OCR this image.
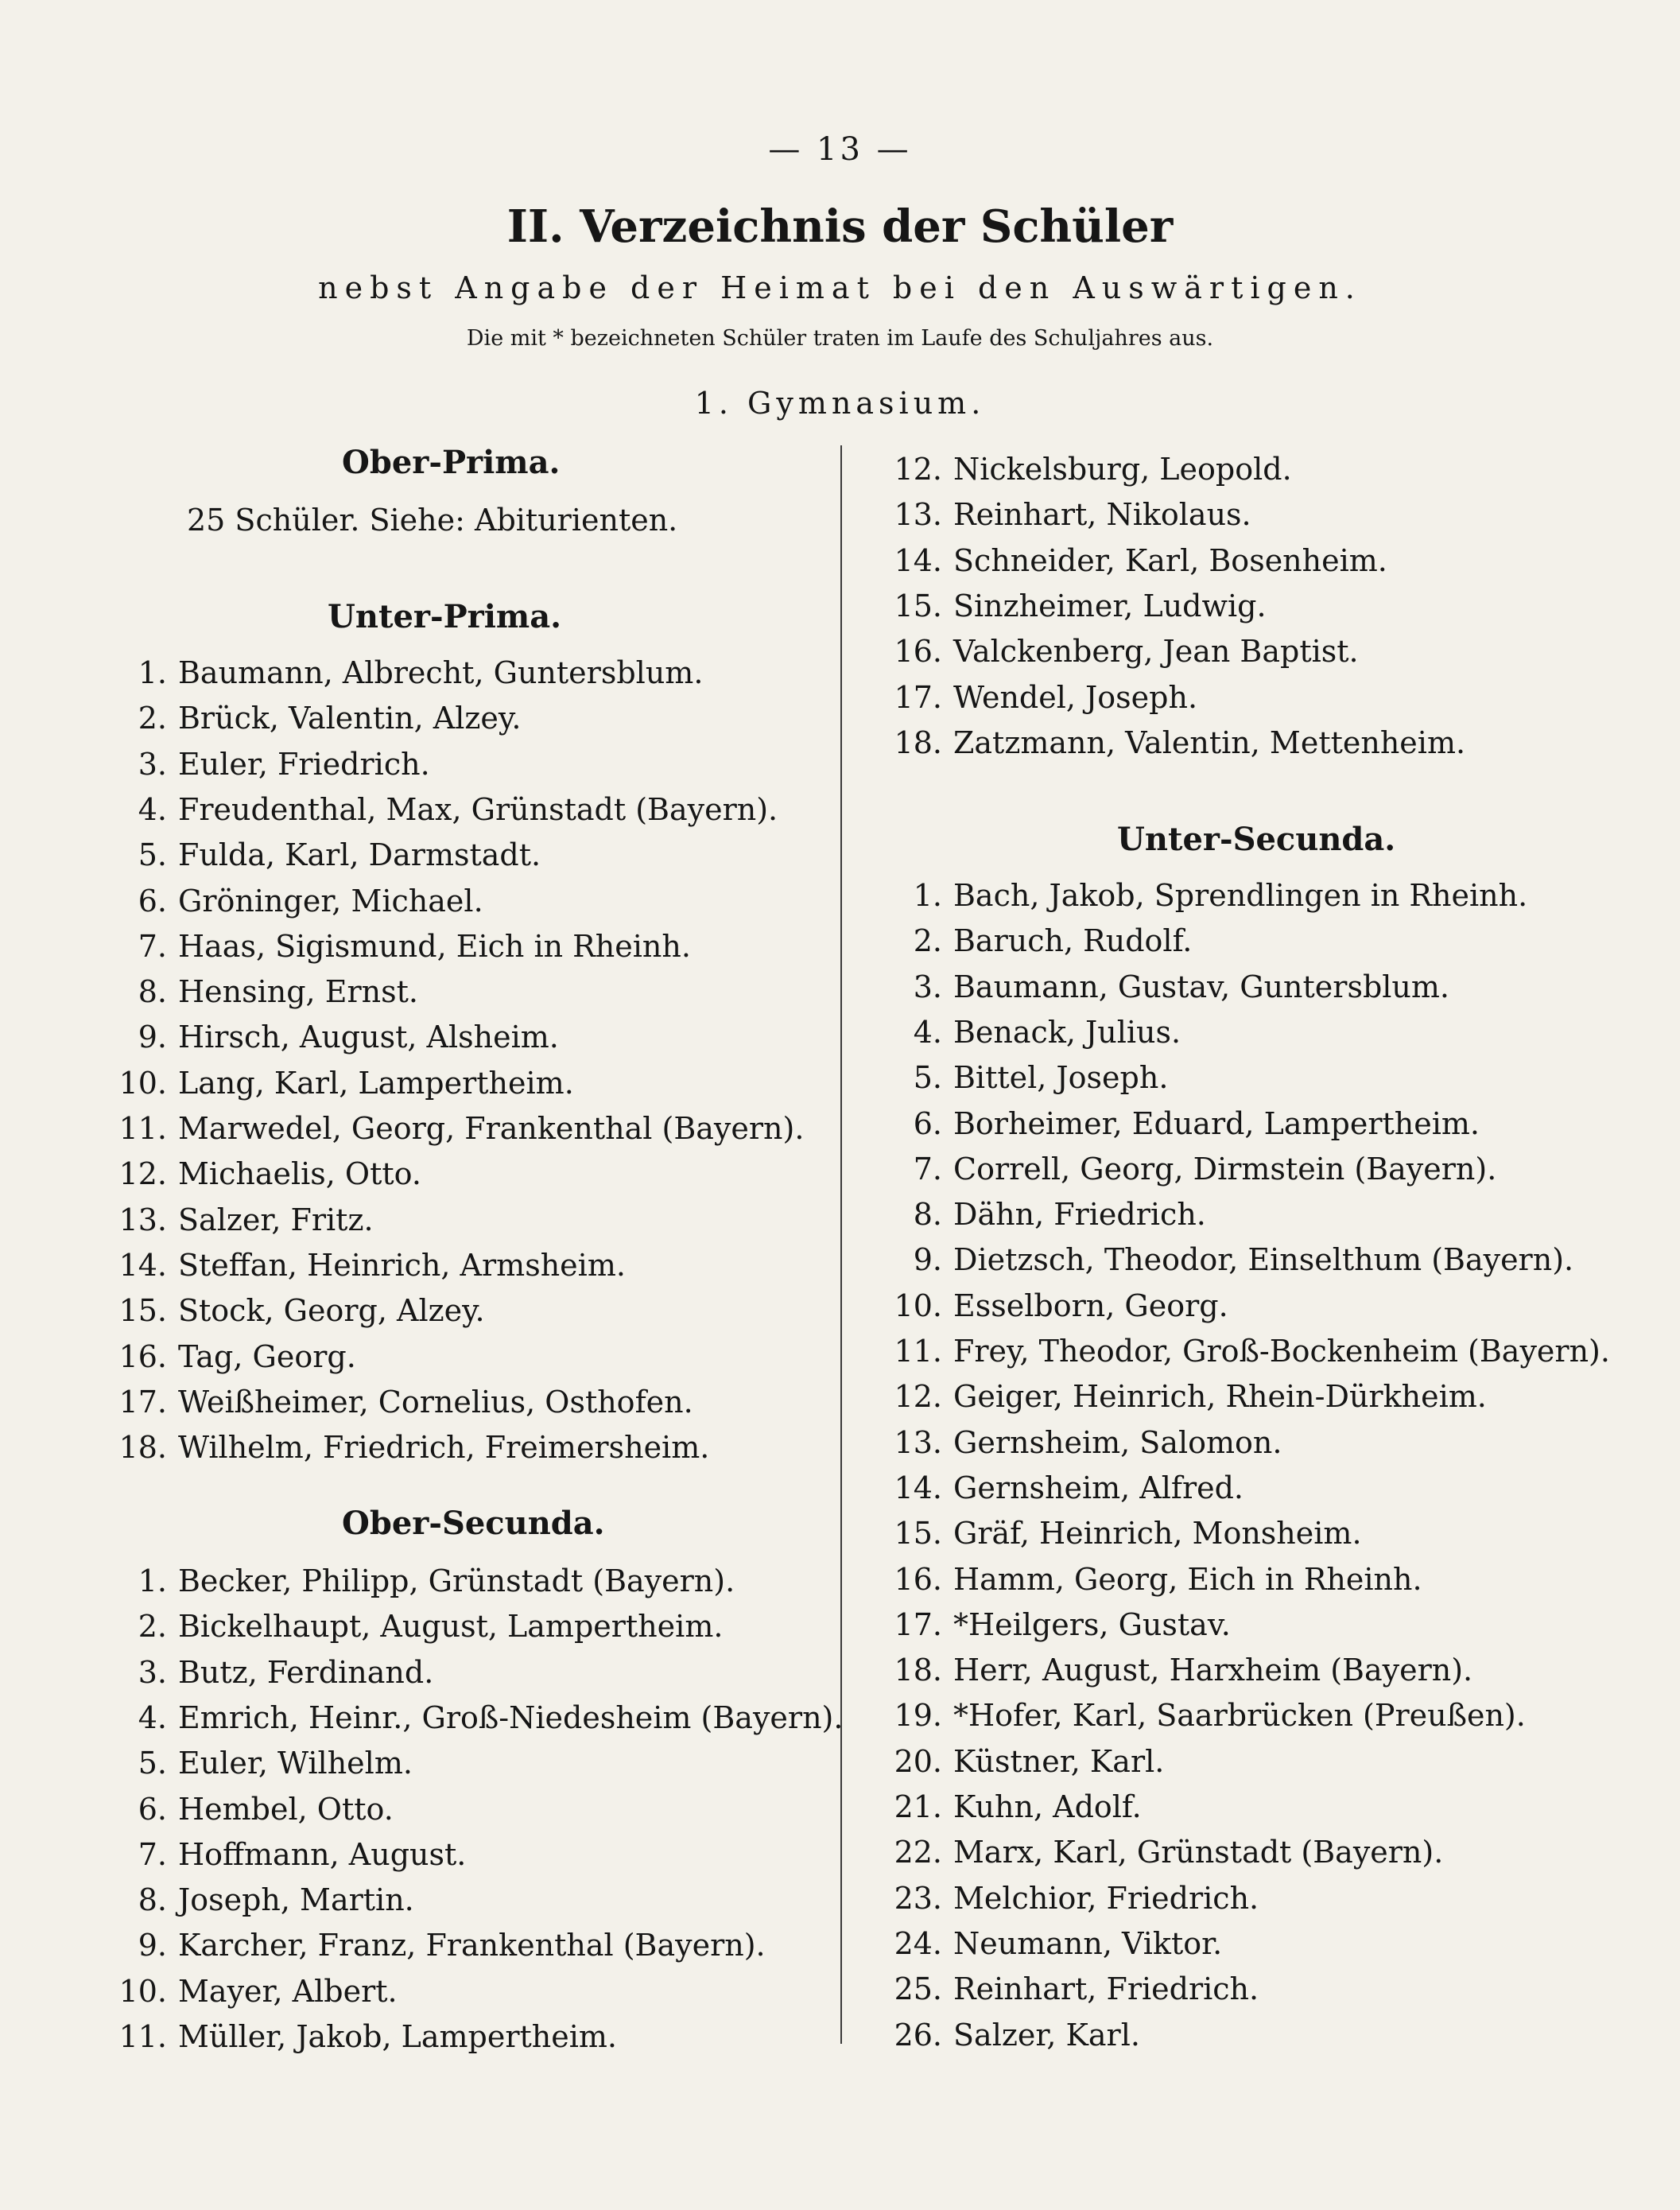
— 13 —
II. Verzeichnis der Schüler
nebst Angabe der Heimat bei den Auswärtigen.
Die mit * bezeichneten Schüler traten im Laufe des Schuljahres aus.
1. Gymnasium.
Ober-Prima.
25 Schüler. Siehe: Abiturienten.
Unter-Prima.
1. Baumann, Albrecht, Guntersblum.
2. Brück, Valentin, Alzey.
3. Euler, Friedrich.
4. Freudenthal, Max, Grünstadt (Bayern).
5. Fulda, Karl, Darmstadt.
6. Gröninger, Michael.
7. Haas, Sigismund, Eich in Rheinh.
8. Hensing, Ernst.
9. Hirsch, August, Alsheim.
10. Lang, Karl, Lampertheim.
11. Marwedel, Georg, Frankenthal (Bayern).
12. Michaelis, Otto.
13. Salzer, Fritz.
14. Steffan, Heinrich, Armsheim.
15. Stock, Georg, Alzey.
16. Tag, Georg.
17. Weißheimer, Cornelius, Osthofen.
18. Wilhelm, Friedrich, Freimersheim.
Ober-Secunda.
1. Becker, Philipp, Grünstadt (Bayern).
2. Bickelhaupt, August, Lampertheim.
3. Butz, Ferdinand.
4. Emrich, Heinr., Groß-Niedesheim (Bayern).
5. Euler, Wilhelm.
6. Hembel, Otto.
7. Hoffmann, August.
8. Joseph, Martin.
9. Karcher, Franz, Frankenthal (Bayern).
10. Mayer, Albert.
11. Müller, Jakob, Lampertheim.
12. Nickelsburg, Leopold.
13. Reinhart, Nikolaus.
14. Schneider, Karl, Bosenheim.
15. Sinzheimer, Ludwig.
16. Valckenberg, Jean Baptist.
17. Wendel, Joseph.
18. Zatzmann, Valentin, Mettenheim.
Unter-Secunda.
1. Bach, Jakob, Sprendlingen in Rheinh.
2. Baruch, Rudolf.
3. Baumann, Gustav, Guntersblum.
4. Benack, Julius.
5. Bittel, Joseph.
6. Borheimer, Eduard, Lampertheim.
7. Correll, Georg, Dirmstein (Bayern).
8. Dähn, Friedrich.
9. Dietzsch, Theodor, Einselthum (Bayern).
10. Esselborn, Georg.
11. Frey, Theodor, Groß-Bockenheim (Bayern).
12. Geiger, Heinrich, Rhein-Dürkheim.
13. Gernsheim, Salomon.
14. Gernsheim, Alfred.
15. Gräf, Heinrich, Monsheim.
16. Hamm, Georg, Eich in Rheinh.
17. *Heilgers, Gustav.
18. Herr, August, Harxheim (Bayern).
19. *Hofer, Karl, Saarbrücken (Preußen).
20. Küstner, Karl.
21. Kuhn, Adolf.
22. Marx, Karl, Grünstadt (Bayern).
23. Melchior, Friedrich.
24. Neumann, Viktor.
25. Reinhart, Friedrich.
26. Salzer, Karl.
